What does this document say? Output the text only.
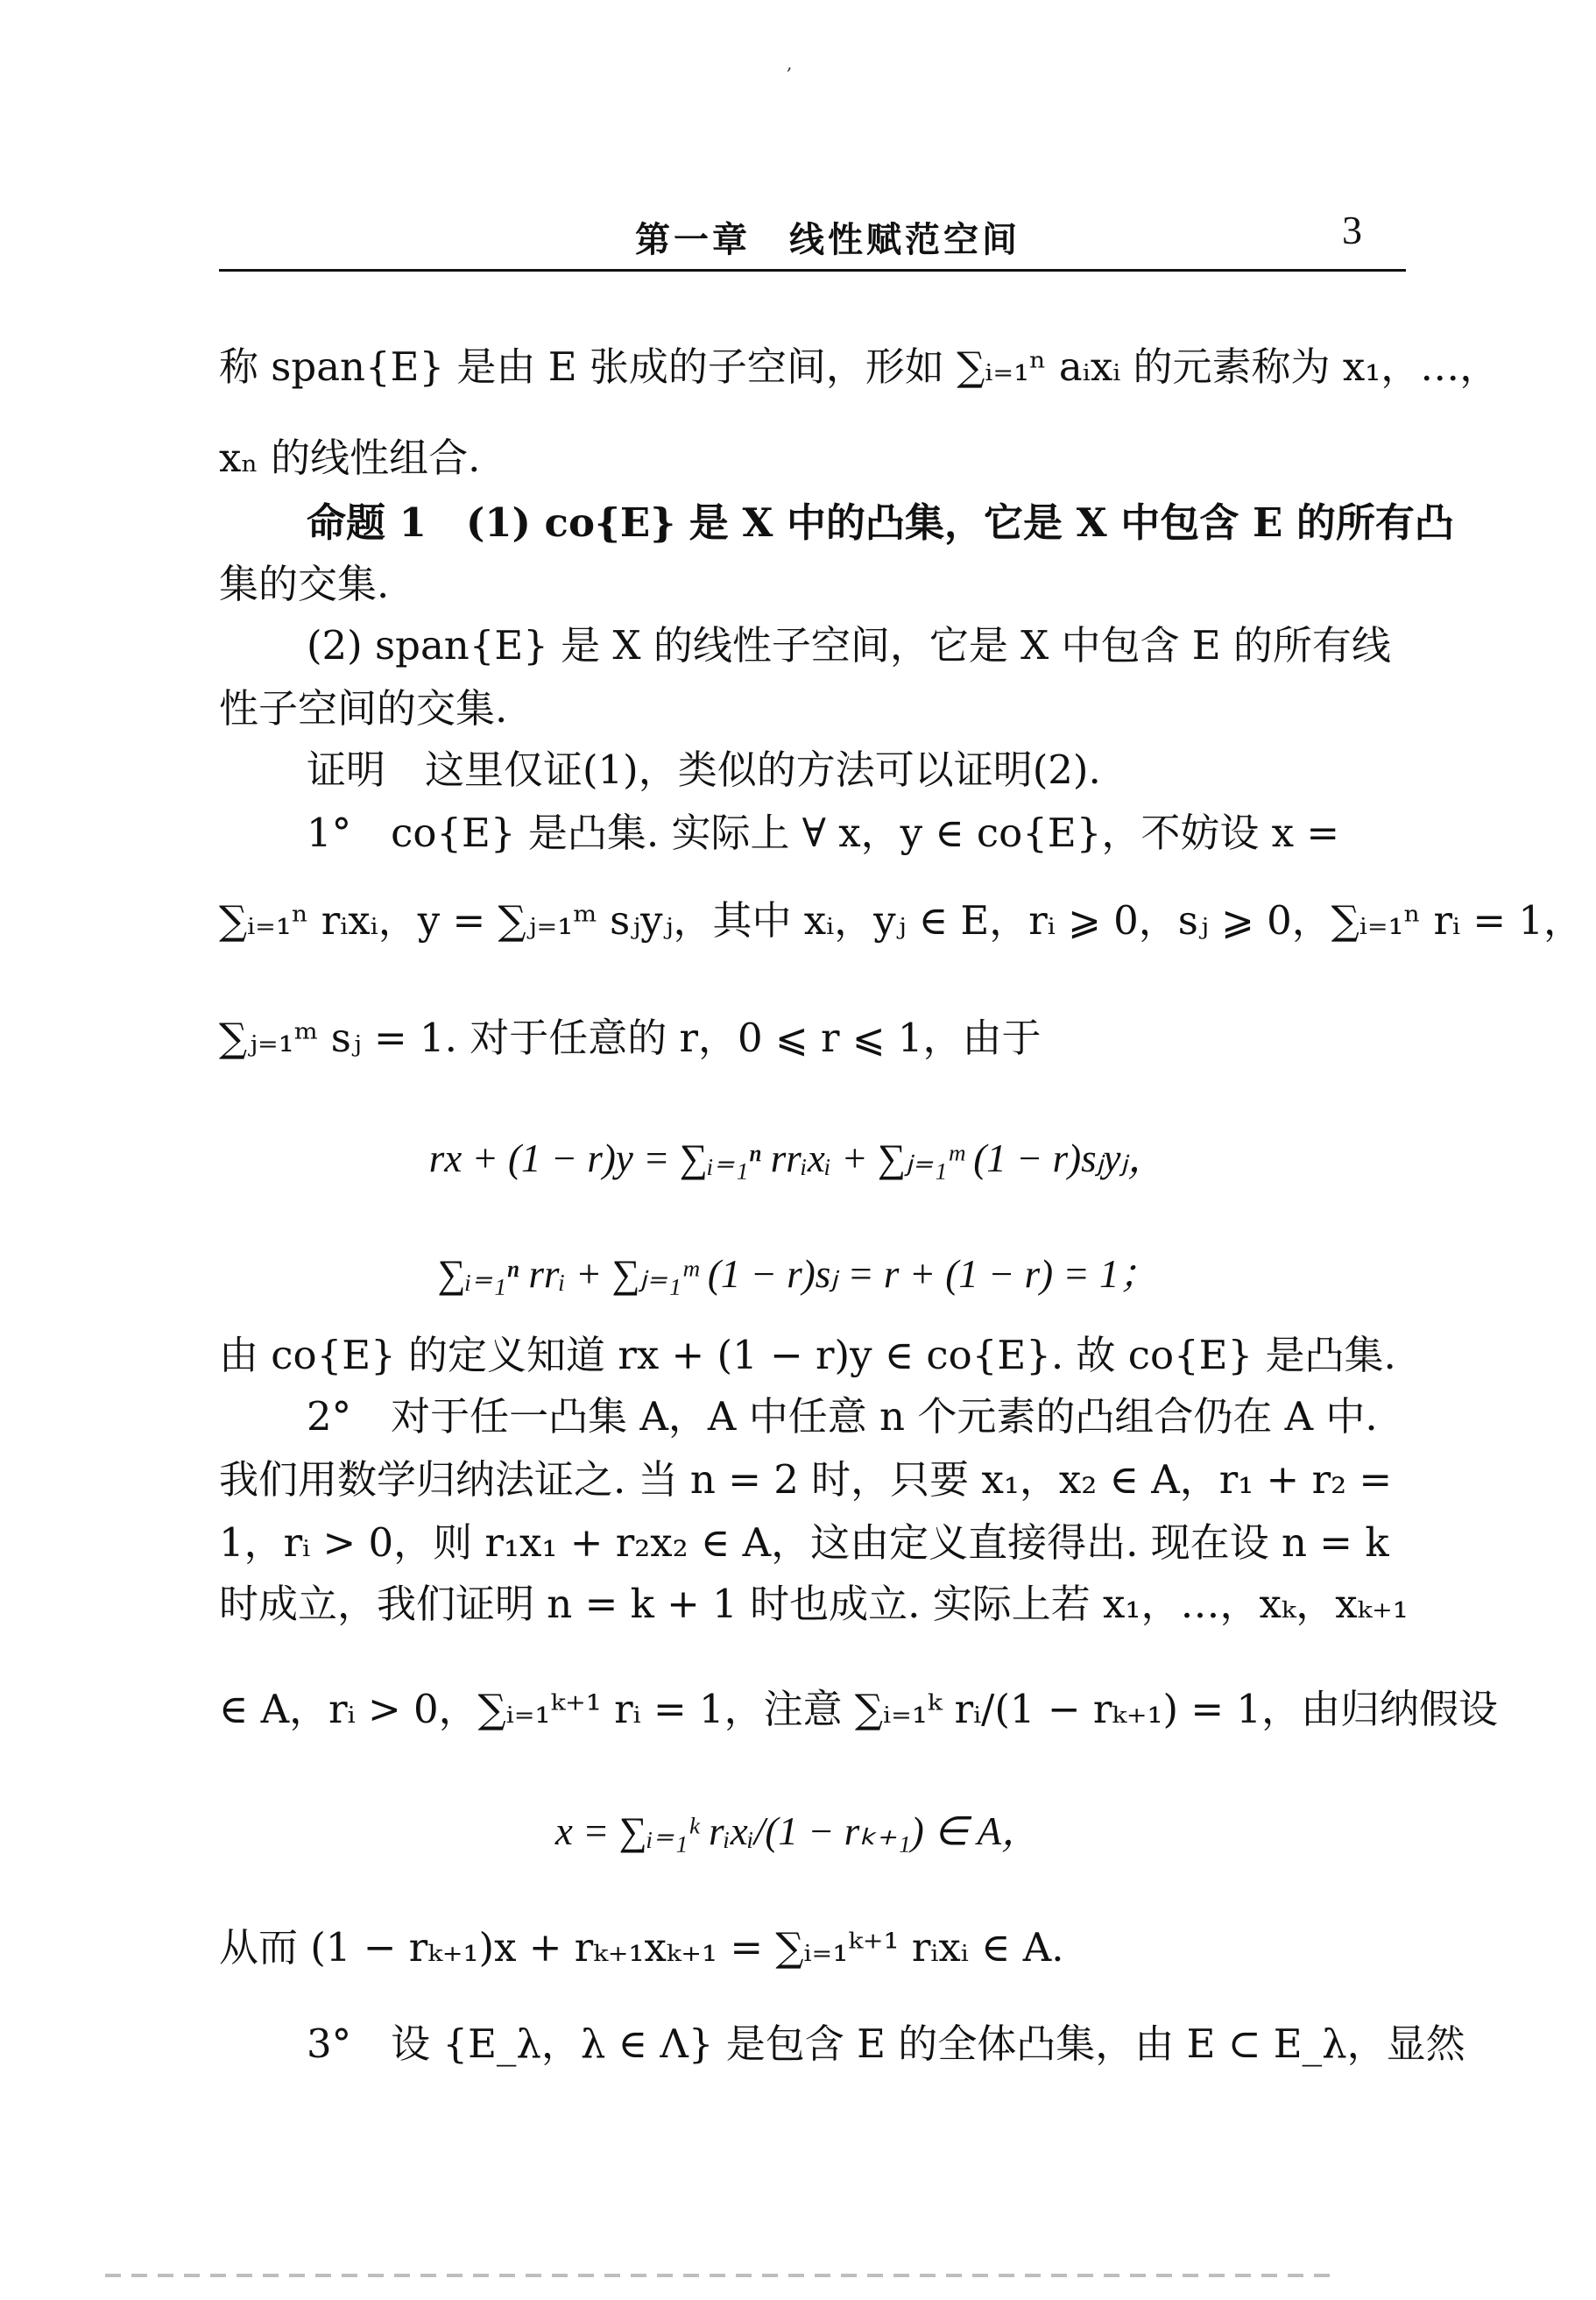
,
第一章　线性赋范空间	3
称 span{E} 是由 E 张成的子空间，形如 ∑ᵢ₌₁ⁿ aᵢxᵢ 的元素称为 x₁，…，
xₙ 的线性组合.
命题 1　(1) co{E} 是 X 中的凸集，它是 X 中包含 E 的所有凸
集的交集.
(2) span{E} 是 X 的线性子空间，它是 X 中包含 E 的所有线
性子空间的交集.
证明　这里仅证(1)，类似的方法可以证明(2).
1°　co{E} 是凸集. 实际上 ∀ x，y ∈ co{E}，不妨设 x =
∑ᵢ₌₁ⁿ rᵢxᵢ，y = ∑ⱼ₌₁ᵐ sⱼyⱼ，其中 xᵢ，yⱼ ∈ E，rᵢ ⩾ 0，sⱼ ⩾ 0，∑ᵢ₌₁ⁿ rᵢ = 1，
∑ⱼ₌₁ᵐ sⱼ = 1. 对于任意的 r，0 ⩽ r ⩽ 1，由于
rx + (1 − r)y = ∑ᵢ₌₁ⁿ rrᵢxᵢ + ∑ⱼ₌₁ᵐ (1 − r)sⱼyⱼ，
∑ᵢ₌₁ⁿ rrᵢ + ∑ⱼ₌₁ᵐ (1 − r)sⱼ = r + (1 − r) = 1；
由 co{E} 的定义知道 rx + (1 − r)y ∈ co{E}. 故 co{E} 是凸集.
2°　对于任一凸集 A，A 中任意 n 个元素的凸组合仍在 A 中.
我们用数学归纳法证之. 当 n = 2 时，只要 x₁，x₂ ∈ A，r₁ + r₂ =
1，rᵢ > 0，则 r₁x₁ + r₂x₂ ∈ A，这由定义直接得出. 现在设 n = k
时成立，我们证明 n = k + 1 时也成立. 实际上若 x₁，…，xₖ，xₖ₊₁
∈ A，rᵢ > 0，∑ᵢ₌₁ᵏ⁺¹ rᵢ = 1，注意 ∑ᵢ₌₁ᵏ rᵢ/(1 − rₖ₊₁) = 1，由归纳假设
x = ∑ᵢ₌₁ᵏ rᵢxᵢ/(1 − rₖ₊₁) ∈ A，
从而 (1 − rₖ₊₁)x + rₖ₊₁xₖ₊₁ = ∑ᵢ₌₁ᵏ⁺¹ rᵢxᵢ ∈ A.
3°　设 {E_λ，λ ∈ Λ} 是包含 E 的全体凸集，由 E ⊂ E_λ，显然
